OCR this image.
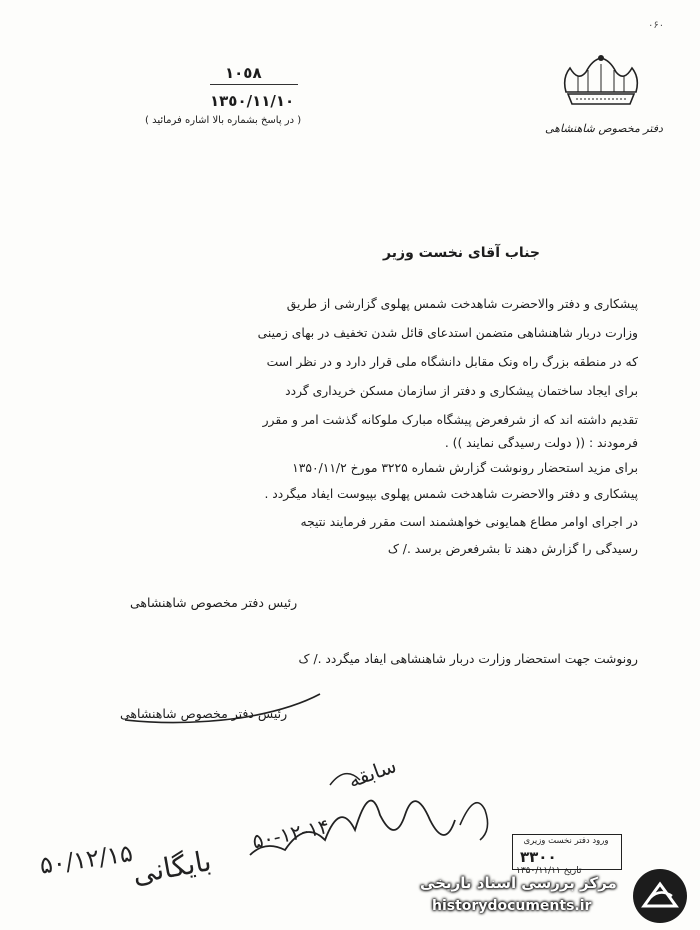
١٠٥٨
١٣٥٠/١١/١٠
( در پاسخ بشماره بالا اشاره فرمائید )
۰۶۰
دفتر مخصوص شاهنشاهی
جناب آقای نخست وزیر
پیشکاری و دفتر والاحضرت شاهدخت شمس پهلوی گزارشی از طریق
وزارت دربار شاهنشاهی متضمن استدعای قائل شدن تخفیف در بهای زمینی
که در منطقه بزرگ راه ونک مقابل دانشگاه ملی قرار دارد و در نظر است
برای ایجاد ساختمان پیشکاری و دفتر از سازمان مسکن خریداری گردد
تقدیم داشته اند که از شرفعرض پیشگاه مبارک ملوکانه گذشت امر و مقرر
فرمودند : (( دولت رسیدگی نمایند )) .
برای مزید استحضار رونوشت گزارش شماره ۳۲۲۵ مورخ ۱۳۵۰/۱۱/۲
پیشکاری و دفتر والاحضرت شاهدخت شمس پهلوی بپیوست ایفاد میگردد .
در اجرای اوامر مطاع همایونی خواهشمند است مقرر فرمایند نتیجه
رسیدگی را گزارش دهند تا بشرفعرض برسد ./ ک
رئیس دفتر مخصوص شاهنشاهی
رونوشت جهت استحضار وزارت دربار شاهنشاهی ایفاد میگردد ./ ک
رئیس دفتر مخصوص شاهنشاهی
۵۰/۱۲/۱۵
بایگانی
۵۰-۱۲-۱۴
سابقه
ورود دفتر نخست وزیری
۳۳۰۰
تاریخ ۱۳۵۰/۱۱/۱۱
مرکز بررسی اسناد تاریخی
historydocuments.ir
